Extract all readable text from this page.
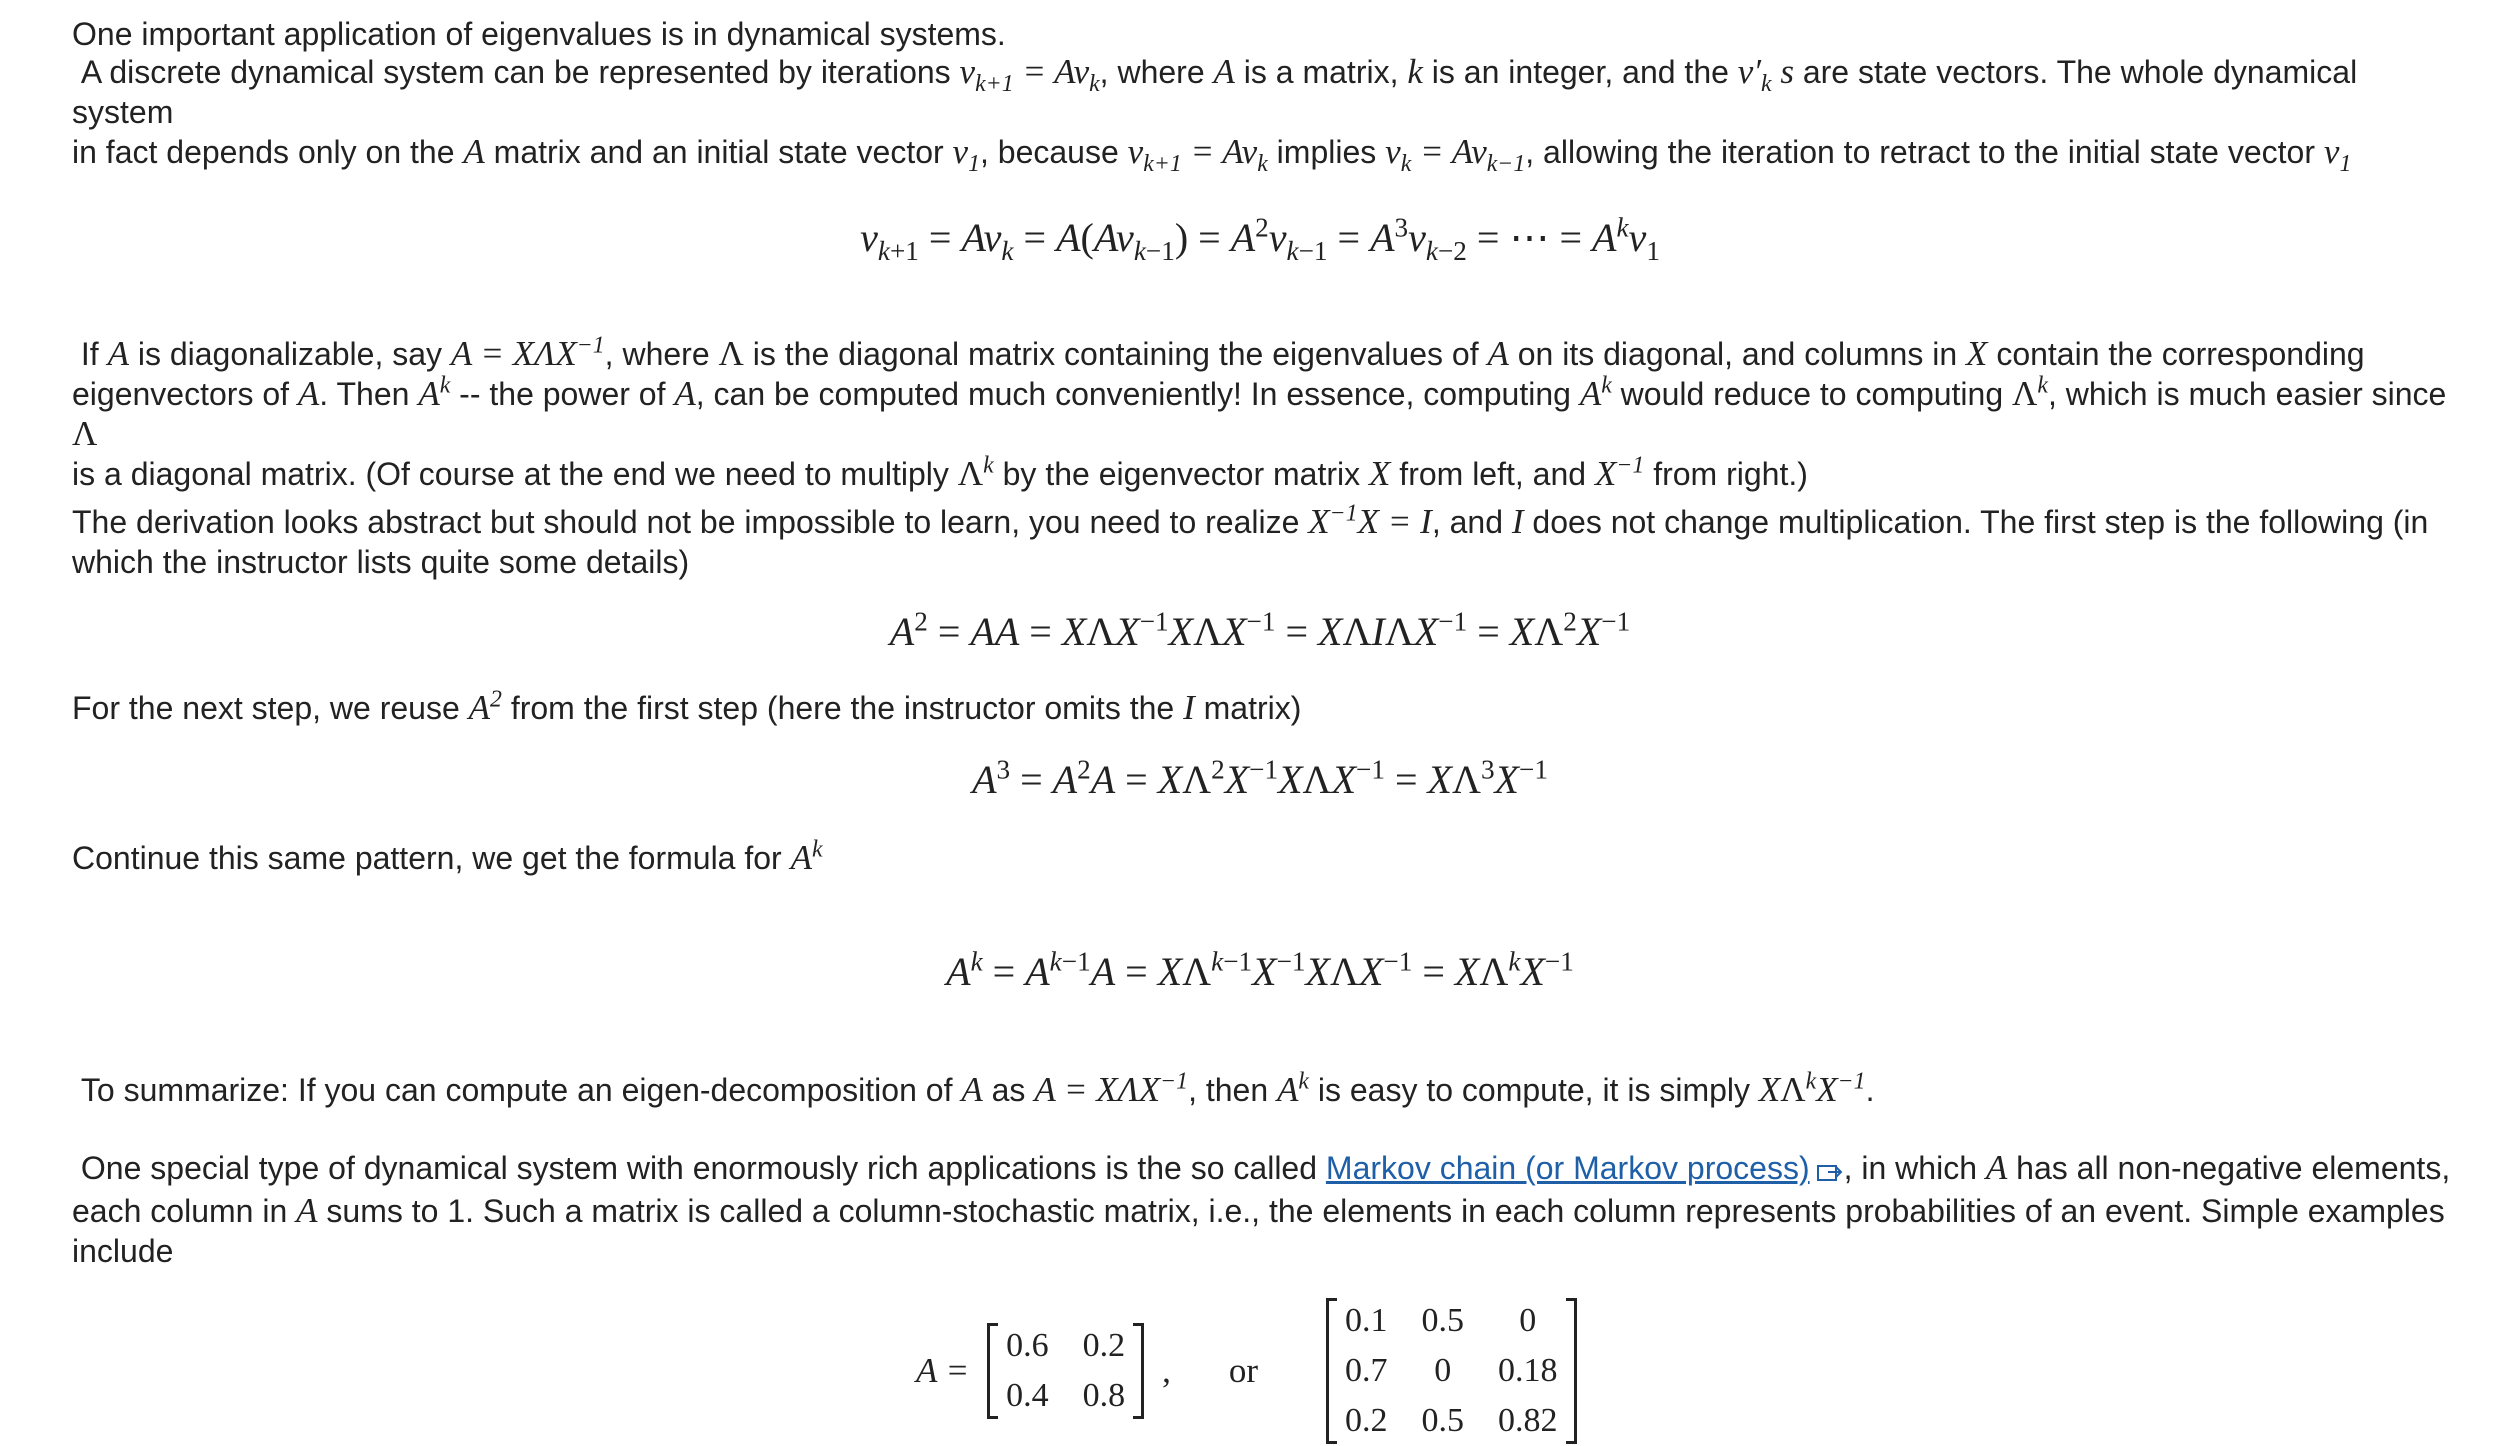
One important application of eigenvalues is in dynamical systems.
A discrete dynamical system can be represented by iterations $v_{k+1} = Av_k$, where A is a matrix, k is an integer, and the $v'_k$ s are state vectors. The whole dynamical system
in fact depends only on the A matrix and an initial state vector $v_1$, because $v_{k+1} = Av_k$ implies $v_k = Av_{k-1}$, allowing the iteration to retract to the initial state vector $v_1$
$v_{k+1} = Av_k = A(Av_{k-1}) = A^2v_{k-1} = A^3v_{k-2}$ = ⋯ = $A^kv_1$
If A is diagonalizable, say $A = X\Lambda X^{-1}$, where Λ is the diagonal matrix containing the eigenvalues of A on its diagonal, and columns in X contain the corresponding
eigenvectors of A. Then $A^k$ -- the power of A, can be computed much conveniently! In essence, computing $A^k$ would reduce to computing $\Lambda^k$, which is much easier since Λ
is a diagonal matrix. (Of course at the end we need to multiply $\Lambda^k$ by the eigenvector matrix X from left, and $X^{-1}$ from right.)
The derivation looks abstract but should not be impossible to learn, you need to realize $X^{-1}X = I$, and I does not change multiplication. The first step is the following (in
which the instructor lists quite some details)
$A^2$ = AA = $X\Lambda X^{-1}X\Lambda X^{-1} = X\Lambda I\Lambda X^{-1} = X\Lambda^2X^{-1}$
For the next step, we reuse $A^2$ from the first step (here the instructor omits the I matrix)
$A^3 = A^2A = X\Lambda^2X^{-1}X\Lambda X^{-1} = X\Lambda^3X^{-1}$
Continue this same pattern, we get the formula for $A^k$
$A^k = A^{k-1}A = X\Lambda^{k-1}X^{-1}X\Lambda X^{-1} = X\Lambda^kX^{-1}$
To summarize: If you can compute an eigen-decomposition of A as $A = X\Lambda X^{-1}$, then $A^k$ is easy to compute, it is simply $X\Lambda^kX^{-1}$.
One special type of dynamical system with enormously rich applications is the so called Markov chain (or Markov process) , in which A has all non-negative elements,
each column in A sums to 1. Such a matrix is called a column-stochastic matrix, i.e., the elements in each column represents probabilities of an event. Simple examples include
A =
0.6 0.2
0.4 0.8
, or
0.1 0.5	0
0.7	0	0.18
0.2 0.5 0.82
